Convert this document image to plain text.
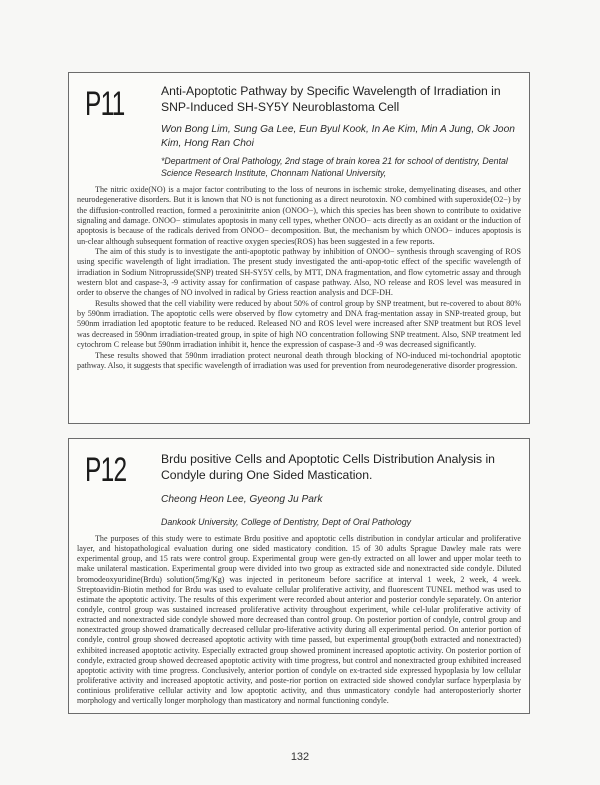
P11	Anti-Apoptotic Pathway by Specific Wavelength of Irradiation in SNP-Induced SH-SY5Y Neuroblastoma Cell
Won Bong Lim, Sung Ga Lee, Eun Byul Kook, In Ae Kim, Min A Jung, Ok Joon Kim, Hong Ran Choi
*Department of Oral Pathology, 2nd stage of brain korea 21 for school of dentistry, Dental Science Research Institute, Chonnam National University,

The nitric oxide(NO) is a major factor contributing to the loss of neurons in ischemic stroke, demyelinating diseases, and other neurodegenerative disorders. But it is known that NO is not functioning as a direct neurotoxin. NO combined with superoxide(O2−) by the diffusion-controlled reaction, formed a peroxinitrite anion (ONOO−), which this species has been shown to contribute to oxidative signaling and damage. ONOO− stimulates apoptosis in many cell types, whether ONOO− acts directly as an oxidant or the induction of apoptosis is because of the radicals derived from ONOO− decomposition. But, the mechanism by which ONOO− induces apoptosis is un-clear although subsequent formation of reactive oxygen species(ROS) has been suggested in a few reports.

The aim of this study is to investigate the anti-apoptotic pathway by inhibition of ONOO− synthesis through scavenging of ROS using specific wavelength of light irradiation. The present study investigated the anti-apop-totic effect of the specific wavelength of irradiation in Sodium Nitroprusside(SNP) treated SH-SY5Y cells, by MTT, DNA fragmentation, and flow cytometric assay and through western blot and caspase-3, -9 activity assay for confirmation of caspase pathway. Also, NO release and ROS level was measured in order to observe the changes of NO involved in radical by Griess reaction analysis and DCF-DH.

Results showed that the cell viability were reduced by about 50% of control group by SNP treatment, but re-covered to about 80% by 590nm irradiation. The apoptotic cells were observed by flow cytometry and DNA frag-mentation assay in SNP-treated group, but 590nm irradiation led apoptotic feature to be reduced. Released NO and ROS level were increased after SNP treatment but ROS level was decreased in 590nm irradiation-treated group, in spite of high NO concentration following SNP treatment. Also, SNP treatment led cytochrom C release but 590nm irradiation inhibit it, hence the expression of caspase-3 and -9 was decreased significantly.

These results showed that 590nm irradiation protect neuronal death through blocking of NO-induced mi-tochondrial apoptotic pathway. Also, it suggests that specific wavelength of irradiation was used for prevention from neurodegenerative disorder progression.

P12	Brdu positive Cells and Apoptotic Cells Distribution Analysis in Condyle during One Sided Mastication.
Cheong Heon Lee, Gyeong Ju Park
Dankook University, College of Dentistry, Dept of Oral Pathology

The purposes of this study were to estimate Brdu positive and apoptotic cells distribution in condylar articular and proliferative layer, and histopathological evaluation during one sided masticatory condition. 15 of 30 adults Sprague Dawley male rats were experimental group, and 15 rats were control group. Experimental group were gen-tly extracted on all lower and upper molar teeth to make unilateral mastication. Experimental group were divided into two group as extracted side and nonextracted side condyle. Diluted bromodeoxyuridine(Brdu) solution(5mg/Kg) was injected in peritoneum before sacrifice at interval 1 week, 2 week, 4 week. Streptoavidin-Biotin method for Brdu was used to evaluate cellular proliferative activity, and fluorescent TUNEL method was used to estimate the apoptotic activity. The results of this experiment were recorded about anterior and posterior condyle separately. On anterior condyle, control group was sustained increased proliferative activity throughout experiment, while cel-lular proliferative activity of extracted and nonextracted side condyle showed more decreased than control group. On posterior portion of condyle, control group and nonextracted group showed dramatically decreased cellular pro-liferative activity during all experimental period. On anterior portion of condyle, control group showed decreased apoptotic activity with time passed, but experimental group(both extracted and nonextracted) exhibited increased apoptotic activity. Especially extracted group showed prominent increased apoptotic activity. On posterior portion of condyle, extracted group showed decreased apoptotic activity with time progress, but control and nonextracted group exhibited increased apoptotic activity with time progress. Conclusively, anterior portion of condyle on ex-tracted side expressed hypoplasia by low cellular proliferative activity and increased apoptotic activity, and poste-rior portion on extracted side showed condylar surface hyperplasia by continious proliferative cellular activity and low apoptotic activity, and thus unmasticatory condyle had anteroposteriorly shorter morphology and vertically longer morphology than masticatory and normal functioning condyle.

132
